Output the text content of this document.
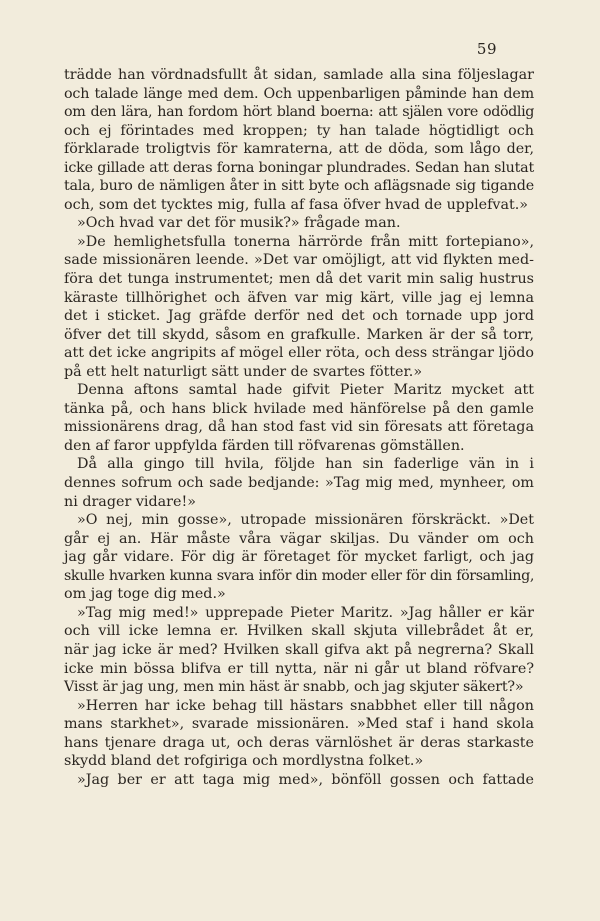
59
trädde han vördnadsfullt åt sidan, samlade alla sina följeslagar
och talade länge med dem. Och uppenbarligen påminde han dem
om den lära, han fordom hört bland boerna: att själen vore odödlig
och ej förintades med kroppen; ty han talade högtidligt och
förklarade troligtvis för kamraterna, att de döda, som lågo der,
icke gillade att deras forna boningar plundrades. Sedan han slutat
tala, buro de nämligen åter in sitt byte och aflägsnade sig tigande
och, som det tycktes mig, fulla af fasa öfver hvad de upplefvat.»
»Och hvad var det för musik?» frågade man.
»De hemlighetsfulla tonerna härrörde från mitt fortepiano»,
sade missionären leende. »Det var omöjligt, att vid flykten med-
föra det tunga instrumentet; men då det varit min salig hustrus
käraste tillhörighet och äfven var mig kärt, ville jag ej lemna
det i sticket. Jag gräfde derför ned det och tornade upp jord
öfver det till skydd, såsom en grafkulle. Marken är der så torr,
att det icke angripits af mögel eller röta, och dess strängar ljödo
på ett helt naturligt sätt under de svartes fötter.»
Denna aftons samtal hade gifvit Pieter Maritz mycket att
tänka på, och hans blick hvilade med hänförelse på den gamle
missionärens drag, då han stod fast vid sin föresats att företaga
den af faror uppfylda färden till röfvarenas gömställen.
Då alla gingo till hvila, följde han sin faderlige vän in i
dennes sofrum och sade bedjande: »Tag mig med, mynheer, om
ni drager vidare!»
»O nej, min gosse», utropade missionären förskräckt. »Det
går ej an. Här måste våra vägar skiljas. Du vänder om och
jag går vidare. För dig är företaget för mycket farligt, och jag
skulle hvarken kunna svara inför din moder eller för din församling,
om jag toge dig med.»
»Tag mig med!» upprepade Pieter Maritz. »Jag håller er kär
och vill icke lemna er. Hvilken skall skjuta villebrådet åt er,
när jag icke är med? Hvilken skall gifva akt på negrerna? Skall
icke min bössa blifva er till nytta, när ni går ut bland röfvare?
Visst är jag ung, men min häst är snabb, och jag skjuter säkert?»
»Herren har icke behag till hästars snabbhet eller till någon
mans starkhet», svarade missionären. »Med staf i hand skola
hans tjenare draga ut, och deras värnlöshet är deras starkaste
skydd bland det rofgiriga och mordlystna folket.»
»Jag ber er att taga mig med», bönföll gossen och fattade
